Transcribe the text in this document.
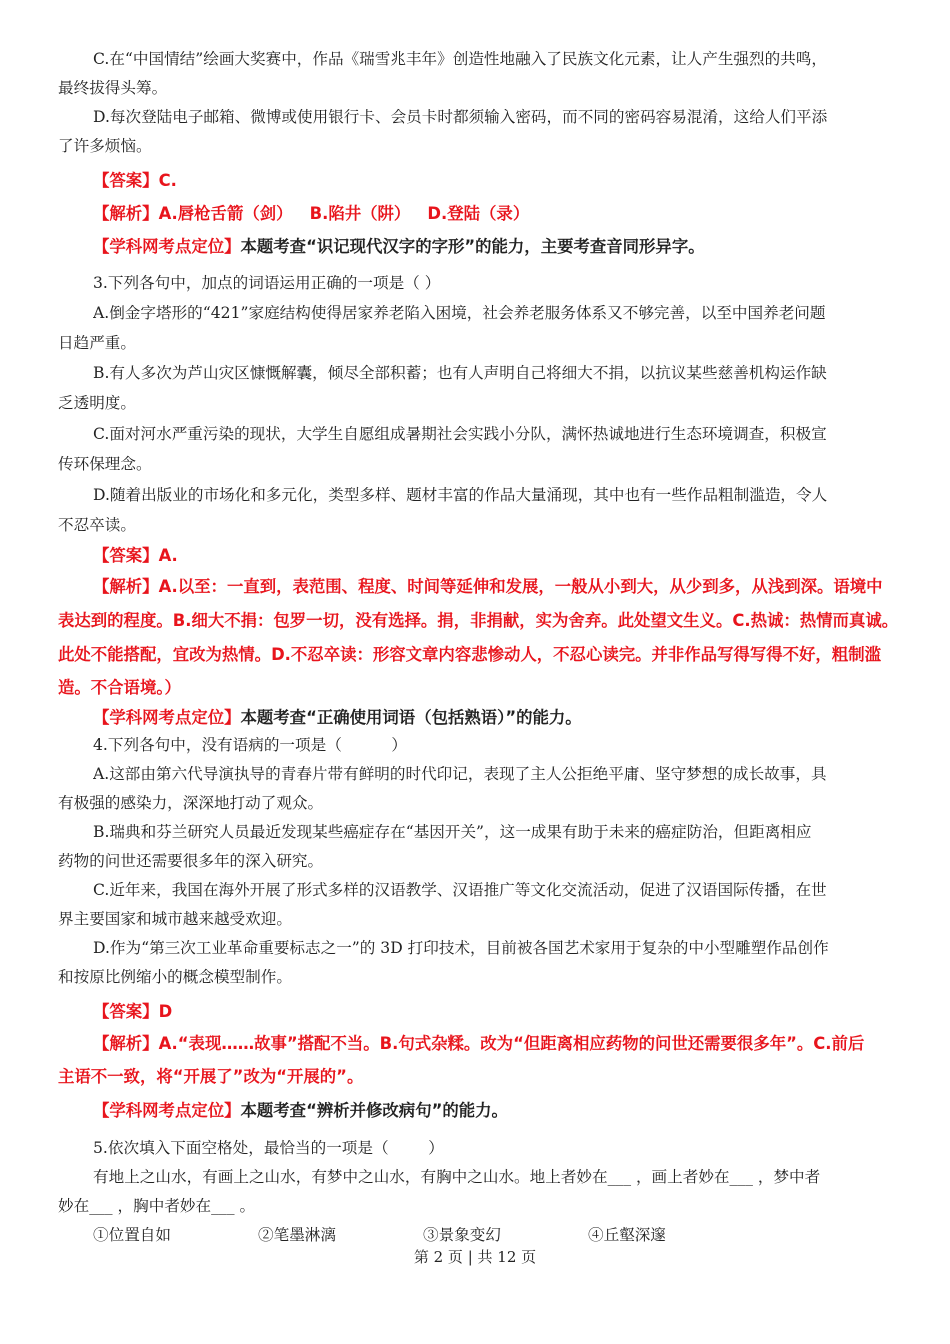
C.在“中国情结”绘画大奖赛中，作品《瑞雪兆丰年》创造性地融入了民族文化元素，让人产生强烈的共鸣，
最终拔得头筹。
D.每次登陆电子邮箱、微博或使用银行卡、会员卡时都须输入密码，而不同的密码容易混淆，这给人们平添
了许多烦恼。
【答案】C.
【解析】A.唇枪舌箭（剑）   B.陷井（阱）   D.登陆（录）
【学科网考点定位】本题考查“识记现代汉字的字形”的能力，主要考查音同形异字。
3.下列各句中，加点的词语运用正确的一项是（ ）
A.倒金字塔形的“421”家庭结构使得居家养老陷入困境，社会养老服务体系又不够完善，以至中国养老问题
日趋严重。
B.有人多次为芦山灾区慷慨解囊，倾尽全部积蓄；也有人声明自己将细大不捐，以抗议某些慈善机构运作缺
乏透明度。
C.面对河水严重污染的现状，大学生自愿组成暑期社会实践小分队，满怀热诚地进行生态环境调查，积极宣
传环保理念。
D.随着出版业的市场化和多元化，类型多样、题材丰富的作品大量涌现，其中也有一些作品粗制滥造，令人
不忍卒读。
【答案】A.
【解析】A.以至：一直到，表范围、程度、时间等延伸和发展，一般从小到大，从少到多，从浅到深。语境中
表达到的程度。B.细大不捐：包罗一切，没有选择。捐，非捐献，实为舍弃。此处望文生义。C.热诚：热情而真诚。
此处不能搭配，宜改为热情。D.不忍卒读：形容文章内容悲惨动人，不忍心读完。并非作品写得写得不好，粗制滥
造。不合语境。）
【学科网考点定位】本题考查“正确使用词语（包括熟语）”的能力。
4.下列各句中，没有语病的一项是（          ）
A.这部由第六代导演执导的青春片带有鲜明的时代印记，表现了主人公拒绝平庸、坚守梦想的成长故事，具
有极强的感染力，深深地打动了观众。
B.瑞典和芬兰研究人员最近发现某些癌症存在“基因开关”，这一成果有助于未来的癌症防治，但距离相应
药物的问世还需要很多年的深入研究。
C.近年来，我国在海外开展了形式多样的汉语教学、汉语推广等文化交流活动，促进了汉语国际传播，在世
界主要国家和城市越来越受欢迎。
D.作为“第三次工业革命重要标志之一”的 3D 打印技术，目前被各国艺术家用于复杂的中小型雕塑作品创作
和按原比例缩小的概念模型制作。
【答案】D
【解析】A.“表现……故事”搭配不当。B.句式杂糅。改为“但距离相应药物的问世还需要很多年”。C.前后
主语不一致，将“开展了”改为“开展的”。
【学科网考点定位】本题考查“辨析并修改病句”的能力。
5.依次填入下面空格处，最恰当的一项是（        ）
有地上之山水，有画上之山水，有梦中之山水，有胸中之山水。地上者妙在___ ，画上者妙在___ ，梦中者
妙在___ ，胸中者妙在___ 。
①位置自如	②笔墨淋漓	③景象变幻	④丘壑深邃
第 2 页 | 共 12 页
